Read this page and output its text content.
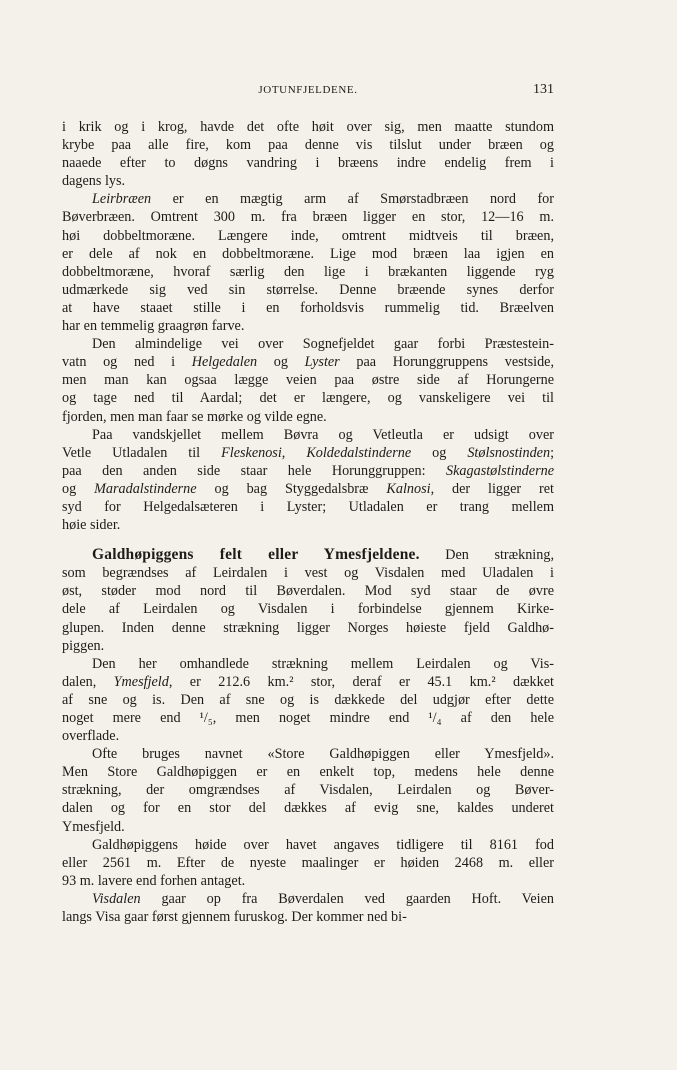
JOTUNFJELDENE.	131
i krik og i krog, havde det ofte høit over sig, men maatte stundom
krybe paa alle fire, kom paa denne vis tilslut under bræen og
naaede efter to døgns vandring i bræens indre endelig frem i
dagens lys.
Leirbræen er en mægtig arm af Smørstadbræen nord for
Bøverbræen. Omtrent 300 m. fra bræen ligger en stor, 12—16 m.
høi dobbeltmoræne. Længere inde, omtrent midtveis til bræen,
er dele af nok en dobbeltmoræne. Lige mod bræen laa igjen en
dobbeltmoræne, hvoraf særlig den lige i brækanten liggende ryg
udmærkede sig ved sin størrelse. Denne bræende synes derfor
at have staaet stille i en forholdsvis rummelig tid. Bræelven
har en temmelig graagrøn farve.
Den almindelige vei over Sognefjeldet gaar forbi Præstestein-
vatn og ned i Helgedalen og Lyster paa Horunggruppens vestside,
men man kan ogsaa lægge veien paa østre side af Horungerne
og tage ned til Aardal; det er længere, og vanskeligere vei til
fjorden, men man faar se mørke og vilde egne.
Paa vandskjellet mellem Bøvra og Vetleutla er udsigt over
Vetle Utladalen til Fleskenosi, Koldedalstinderne og Stølsnostinden;
paa den anden side staar hele Horunggruppen: Skagastølstinderne
og Maradalstinderne og bag Styggedalsbræ Kalnosi, der ligger ret
syd for Helgedalsæteren i Lyster; Utladalen er trang mellem
høie sider.
Galdhøpiggens felt eller Ymesfjeldene. Den strækning,
som begrændses af Leirdalen i vest og Visdalen med Uladalen i
øst, støder mod nord til Bøverdalen. Mod syd staar de øvre
dele af Leirdalen og Visdalen i forbindelse gjennem Kirke-
glupen. Inden denne strækning ligger Norges høieste fjeld Galdhø-
piggen.
Den her omhandlede strækning mellem Leirdalen og Vis-
dalen, Ymesfjeld, er 212.6 km.² stor, deraf er 45.1 km.² dækket
af sne og is. Den af sne og is dækkede del udgjør efter dette
noget mere end ¹/₅, men noget mindre end ¹/₄ af den hele
overflade.
Ofte bruges navnet «Store Galdhøpiggen eller Ymesfjeld».
Men Store Galdhøpiggen er en enkelt top, medens hele denne
strækning, der omgrændses af Visdalen, Leirdalen og Bøver-
dalen og for en stor del dækkes af evig sne, kaldes underet
Ymesfjeld.
Galdhøpiggens høide over havet angaves tidligere til 8161 fod
eller 2561 m. Efter de nyeste maalinger er høiden 2468 m. eller
93 m. lavere end forhen antaget.
Visdalen gaar op fra Bøverdalen ved gaarden Hoft. Veien
langs Visa gaar først gjennem furuskog. Der kommer ned bi-
